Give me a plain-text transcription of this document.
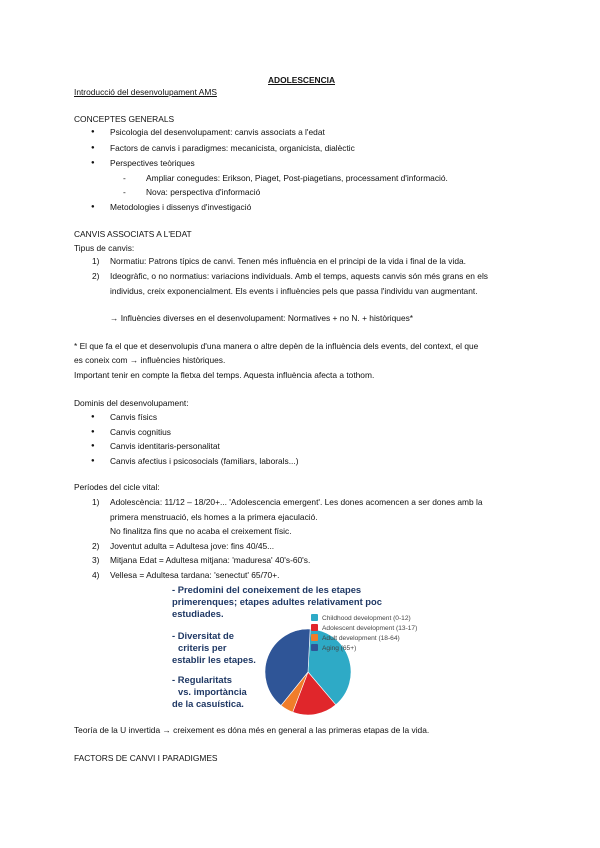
ADOLESCENCIA
Introducció del desenvolupament AMS
CONCEPTES GENERALS
● Psicologia del desenvolupament: canvis associats a l'edat
● Factors de canvis i paradigmes: mecanicista, organicista, dialèctic
● Perspectives teòriques
- Ampliar conegudes: Erikson, Piaget, Post-piagetians, processament d'informació.
- Nova: perspectiva d'informació
● Metodologies i dissenys d'investigació
CANVIS ASSOCIATS A L'EDAT
Tipus de canvis:
1) Normatiu: Patrons típics de canvi. Tenen més influència en el principi de la vida i final de la vida.
2) Ideogràfic, o no normatius: variacions individuals. Amb el temps, aquests canvis són més grans en els
individus, creix exponencialment. Els events i influències pels que passa l'individu van augmentant.
→ Influències diverses en el desenvolupament: Normatives + no N. + històriques*
* El que fa el que et desenvolupis d'una manera o altre depèn de la influència dels events, del context, el que
es coneix com → influències històriques.
Important tenir en compte la fletxa del temps. Aquesta influència afecta a tothom.
Dominis del desenvolupament:
● Canvis físics
● Canvis cognitius
● Canvis identitaris-personalitat
● Canvis afectius i psicosocials (familiars, laborals...)
Períodes del cicle vital:
1) Adolescència: 11/12 – 18/20+... 'Adolescencia emergent'. Les dones acomencen a ser dones amb la
primera menstruació, els homes a la primera ejaculació.
No finalitza fins que no acaba el creixement físic.
2) Joventut adulta = Adultesa jove: fins 40/45...
3) Mitjana Edat = Adultesa mitjana: 'maduresa' 40's-60's.
4) Vellesa = Adultesa tardana: 'senectut' 65/70+.
- Predomini del coneixement de les etapes
primerenques; etapes adultes relativament poc
estudiades.
- Diversitat de
criteris per
establir les etapes.
- Regularitats
vs. importància
de la casuística.
Childhood development (0-12)
Adolescent development (13-17)
Adult development (18-64)
Aging (65+)
Teoría de la U invertida → creixement es dóna més en general a las primeras etapas de la vida.
FACTORS DE CANVI I PARADIGMES
